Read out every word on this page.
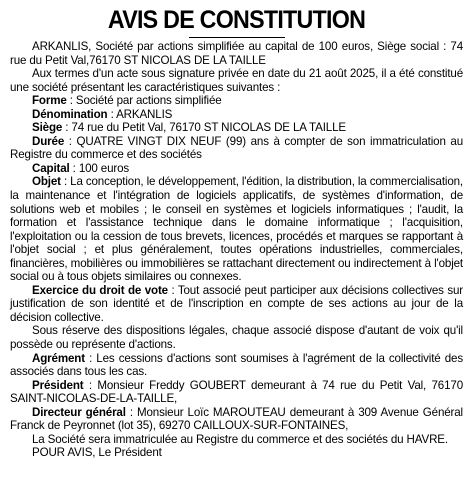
AVIS DE CONSTITUTION

ARKANLIS, Société par actions simplifiée au capital de 100 euros, Siège social : 74 rue du Petit Val,76170 ST NICOLAS DE LA TAILLE

Aux termes d'un acte sous signature privée en date du 21 août 2025, il a été constitué une société présentant les caractéristiques suivantes :

Forme : Société par actions simplifiée

Dénomination : ARKANLIS

Siège : 74 rue du Petit Val, 76170 ST NICOLAS DE LA TAILLE

Durée : QUATRE VINGT DIX NEUF (99) ans à compter de son immatriculation au Registre du commerce et des sociétés

Capital : 100 euros

Objet : La conception, le développement, l'édition, la distribution, la commercialisation, la maintenance et l'intégration de logiciels applicatifs, de systèmes d'information, de solutions web et mobiles ; le conseil en systèmes et logiciels informatiques ; l'audit, la formation et l'assistance technique dans le domaine informatique ; l'acquisition, l'exploitation ou la cession de tous brevets, licences, procédés et marques se rapportant à l'objet social ; et plus généralement, toutes opérations industrielles, commerciales, financières, mobilières ou immobilières se rattachant directement ou indirectement à l'objet social ou à tous objets similaires ou connexes.

Exercice du droit de vote : Tout associé peut participer aux décisions collectives sur justification de son identité et de l'inscription en compte de ses actions au jour de la décision collective.

Sous réserve des dispositions légales, chaque associé dispose d'autant de voix qu'il possède ou représente d'actions.

Agrément : Les cessions d'actions sont soumises à l'agrément de la collectivité des associés dans tous les cas.

Président : Monsieur Freddy GOUBERT demeurant à 74 rue du Petit Val, 76170 SAINT-NICOLAS-DE-LA-TAILLE,

Directeur général : Monsieur Loïc MAROUTEAU demeurant à 309 Avenue Général Franck de Peyronnet (lot 35), 69270 CAILLOUX-SUR-FONTAINES,

La Société sera immatriculée au Registre du commerce et des sociétés du HAVRE.

POUR AVIS, Le Président
